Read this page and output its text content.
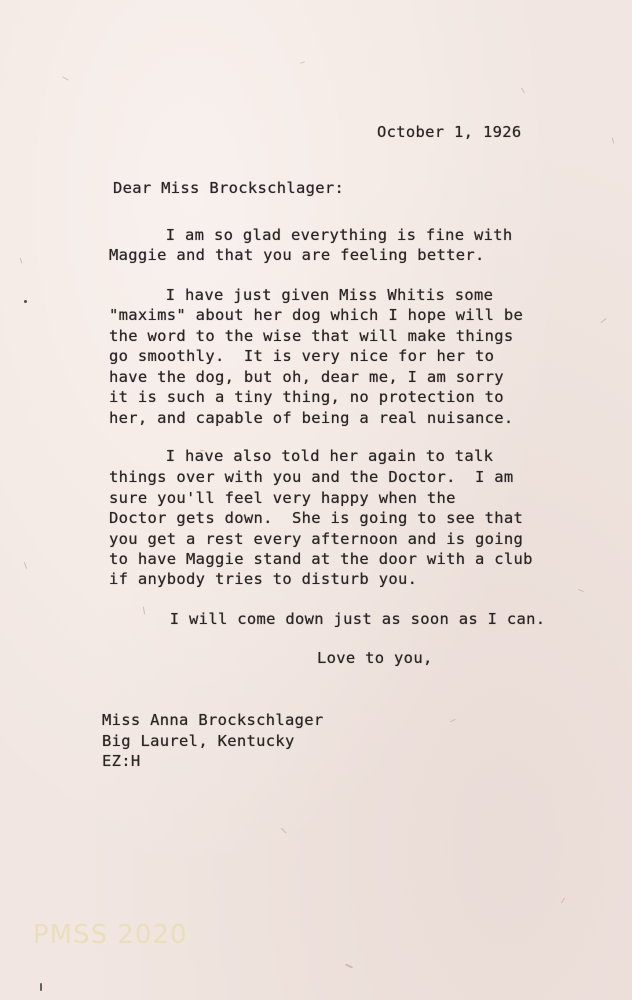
October 1, 1926
Dear Miss Brockschlager:
I am so glad everything is fine with
Maggie and that you are feeling better.
I have just given Miss Whitis some
"maxims" about her dog which I hope will be
the word to the wise that will make things
go smoothly.  It is very nice for her to
have the dog, but oh, dear me, I am sorry
it is such a tiny thing, no protection to
her, and capable of being a real nuisance.
I have also told her again to talk
things over with you and the Doctor.  I am
sure you'll feel very happy when the
Doctor gets down.  She is going to see that
you get a rest every afternoon and is going
to have Maggie stand at the door with a club
if anybody tries to disturb you.
I will come down just as soon as I can.
Love to you,
Miss Anna Brockschlager
Big Laurel, Kentucky
EZ:H
PMSS 2020
